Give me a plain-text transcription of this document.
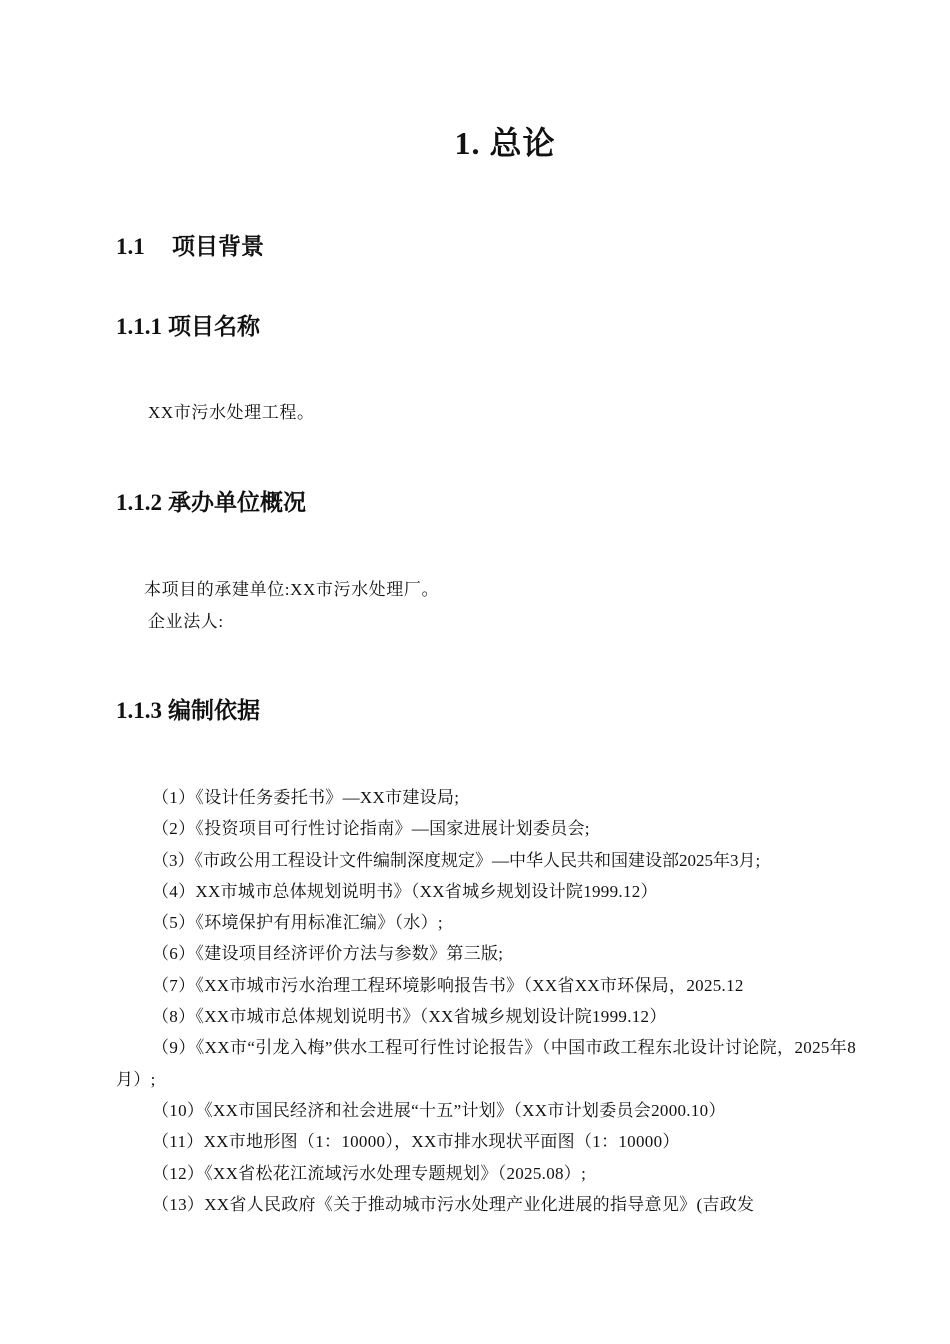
1. 总论
1.1 项目背景
1.1.1 项目名称
XX市污水处理工程。
1.1.2 承办单位概况
本项目的承建单位:XX市污水处理厂。
企业法人:
1.1.3 编制依据
（1）《设计任务委托书》—XX市建设局;
（2）《投资项目可行性讨论指南》—国家进展计划委员会;
（3）《市政公用工程设计文件编制深度规定》—中华人民共和国建设部2025年3月;
（4）XX市城市总体规划说明书》（XX省城乡规划设计院1999.12）
（5）《环境保护有用标准汇编》（水）;
（6）《建设项目经济评价方法与参数》第三版;
（7）《XX市城市污水治理工程环境影响报告书》（XX省XX市环保局，2025.12
（8）《XX市城市总体规划说明书》（XX省城乡规划设计院1999.12）
（9）《XX市“引龙入梅”供水工程可行性讨论报告》（中国市政工程东北设计讨论院，2025年8月）;
（10）《XX市国民经济和社会进展“十五”计划》（XX市计划委员会2000.10）
（11）XX市地形图（1：10000），XX市排水现状平面图（1：10000）
（12）《XX省松花江流域污水处理专题规划》（2025.08）;
（13）XX省人民政府《关于推动城市污水处理产业化进展的指导意见》(吉政发
